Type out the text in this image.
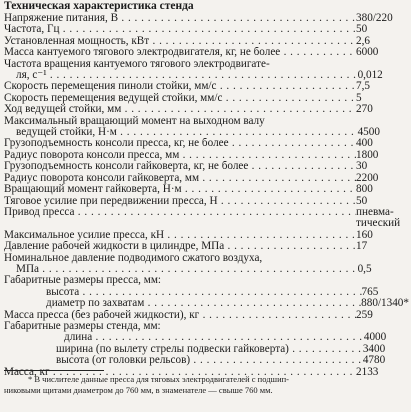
Техническая характеристика стенда
Напряжение питания, В . . .	380/220
Частота, Гц . . .	50
Установленная мощность, кВт . . .	2,6
Масса кантуемого тягового электродвигателя, кг, не более . . .	6000
Частота вращения кантуемого тягового электродвигате-
ля, с⁻¹ . . .	0,012
Скорость перемещения пиноли стойки, мм/с . . .	7,5
Скорость перемещения ведущей стойки, мм/с . . .	5
Ход ведущей стойки, мм . . .	270
Максимальный вращающий момент на выходном валу
ведущей стойки, Н·м . . .	4500
Грузоподъемность консоли пресса, кг, не более . . .	400
Радиус поворота консоли пресса, мм . . .	1800
Грузоподъемность консоли гайковерта, кг, не более . . .	30
Радиус поворота консоли гайковерта, мм . . .	2200
Вращающий момент гайковерта, Н·м . . .	800
Тяговое усилие при передвижении пресса, Н . . .	50
Привод пресса . . .	пневма-
тический
Максимальное усилие пресса, кН . . .	160
Давление рабочей жидкости в цилиндре, МПа . . .	17
Номинальное давление подводимого сжатого воздуха,
МПа . . .	0,5
Габаритные размеры пресса, мм:
высота . . .	765
диаметр по захватам . . .	880/1340*
Масса пресса (без рабочей жидкости), кг . . .	259
Габаритные размеры стенда, мм:
длина . . .	4000
ширина (по вылету стрелы подвески гайковерта) . . .	3400
высота (от головки рельсов) . . .	4780
Масса, кг . . .	2133
* В числителе данные пресса для тяговых электродвигателей с подшип-
никовыми щитами диаметром до 760 мм, в знаменателе — свыше 760 мм.
